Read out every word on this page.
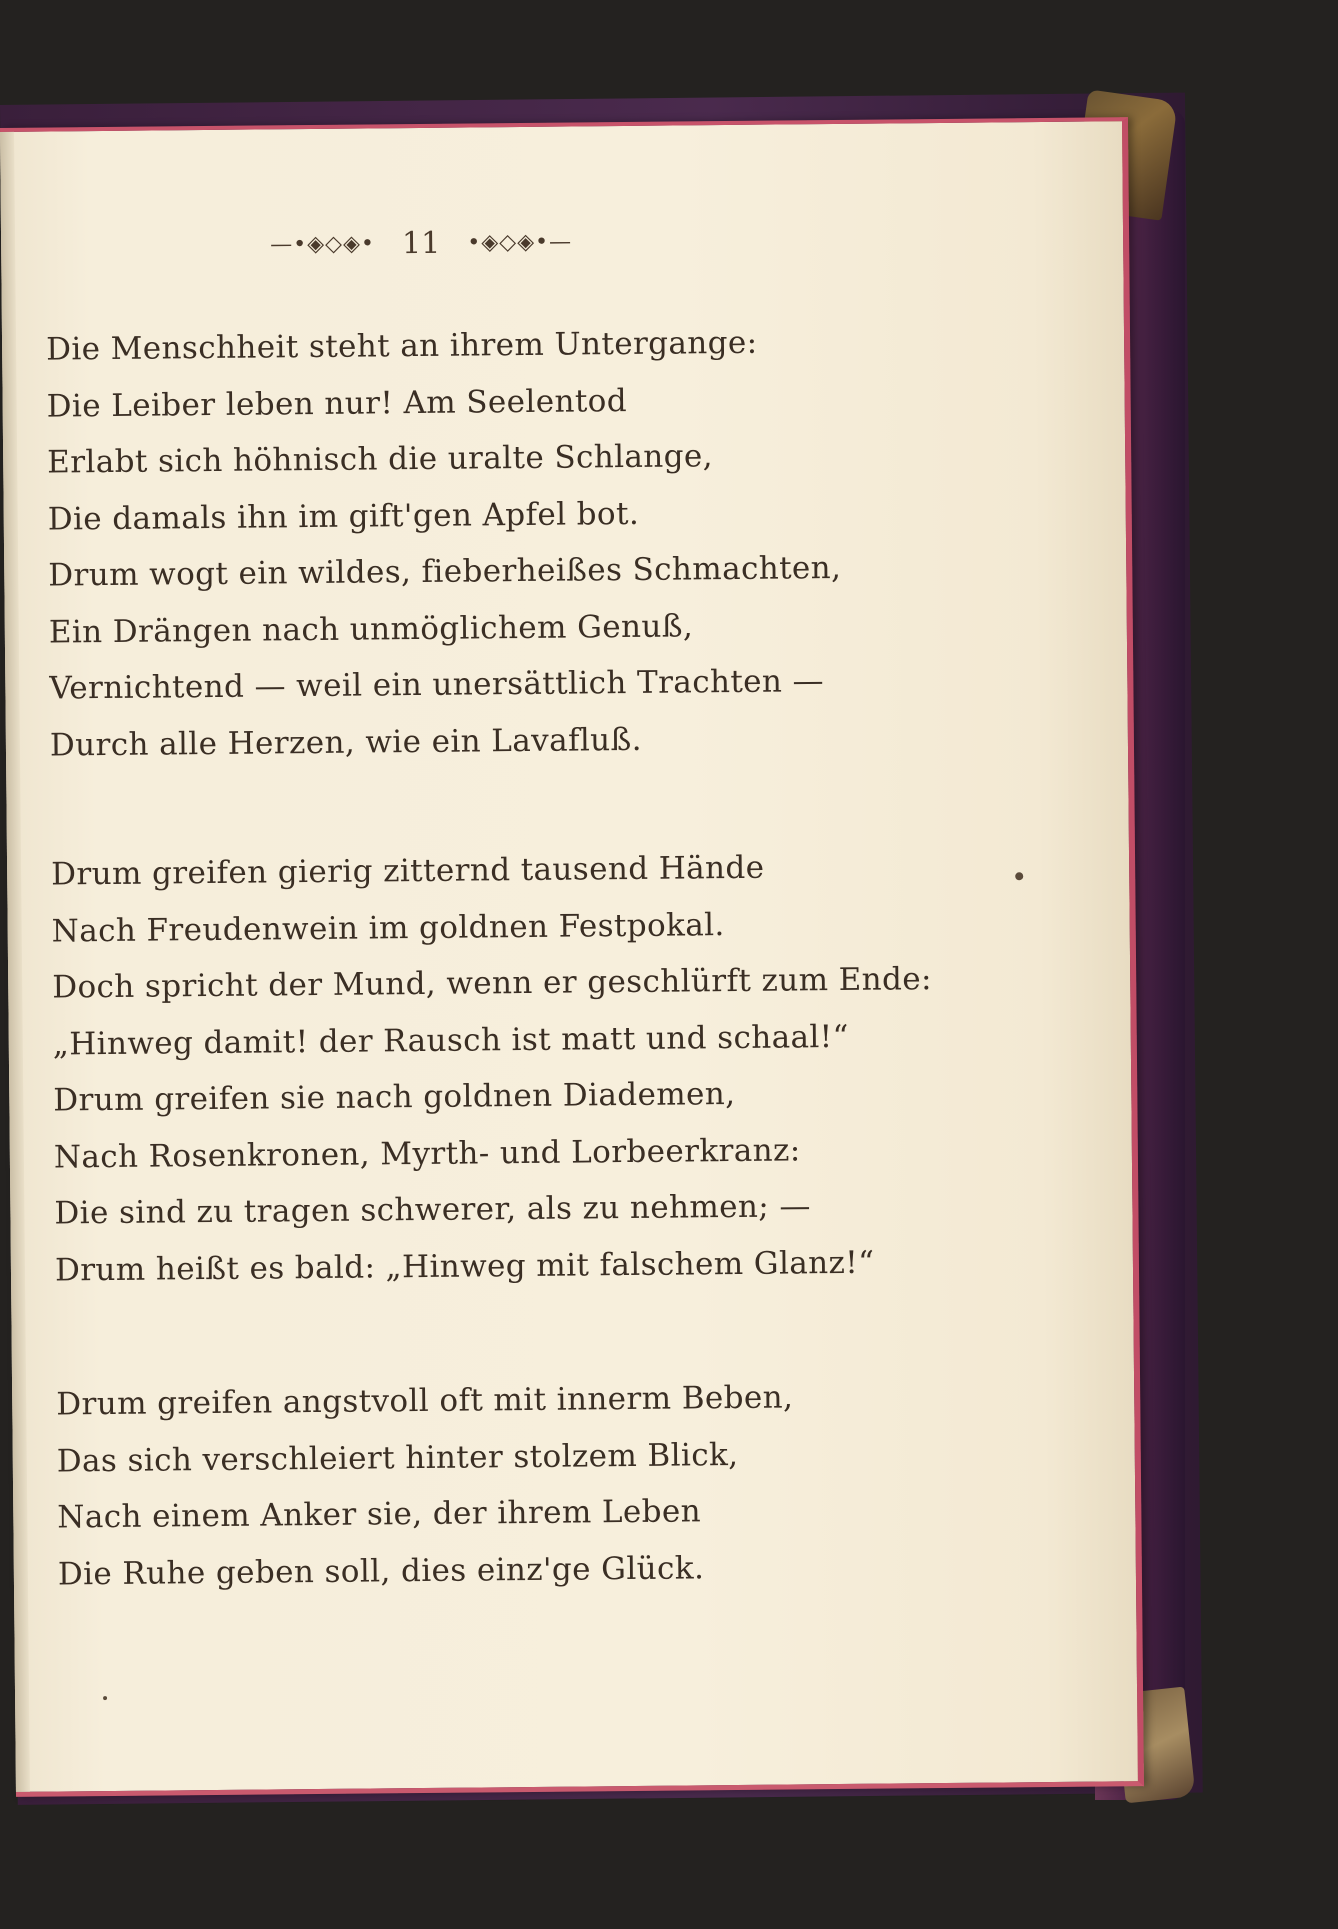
—•◈◇◈• 11 •◈◇◈•—
Die Menschheit steht an ihrem Untergange:
Die Leiber leben nur! Am Seelentod
Erlabt sich höhnisch die uralte Schlange,
Die damals ihn im gift'gen Apfel bot.
Drum wogt ein wildes, fieberheißes Schmachten,
Ein Drängen nach unmöglichem Genuß,
Vernichtend — weil ein unersättlich Trachten —
Durch alle Herzen, wie ein Lavafluß.
Drum greifen gierig zitternd tausend Hände
Nach Freudenwein im goldnen Festpokal.
Doch spricht der Mund, wenn er geschlürft zum Ende:
„Hinweg damit! der Rausch ist matt und schaal!“
Drum greifen sie nach goldnen Diademen,
Nach Rosenkronen, Myrth- und Lorbeerkranz:
Die sind zu tragen schwerer, als zu nehmen; —
Drum heißt es bald: „Hinweg mit falschem Glanz!“
Drum greifen angstvoll oft mit innerm Beben,
Das sich verschleiert hinter stolzem Blick,
Nach einem Anker sie, der ihrem Leben
Die Ruhe geben soll, dies einz'ge Glück.
